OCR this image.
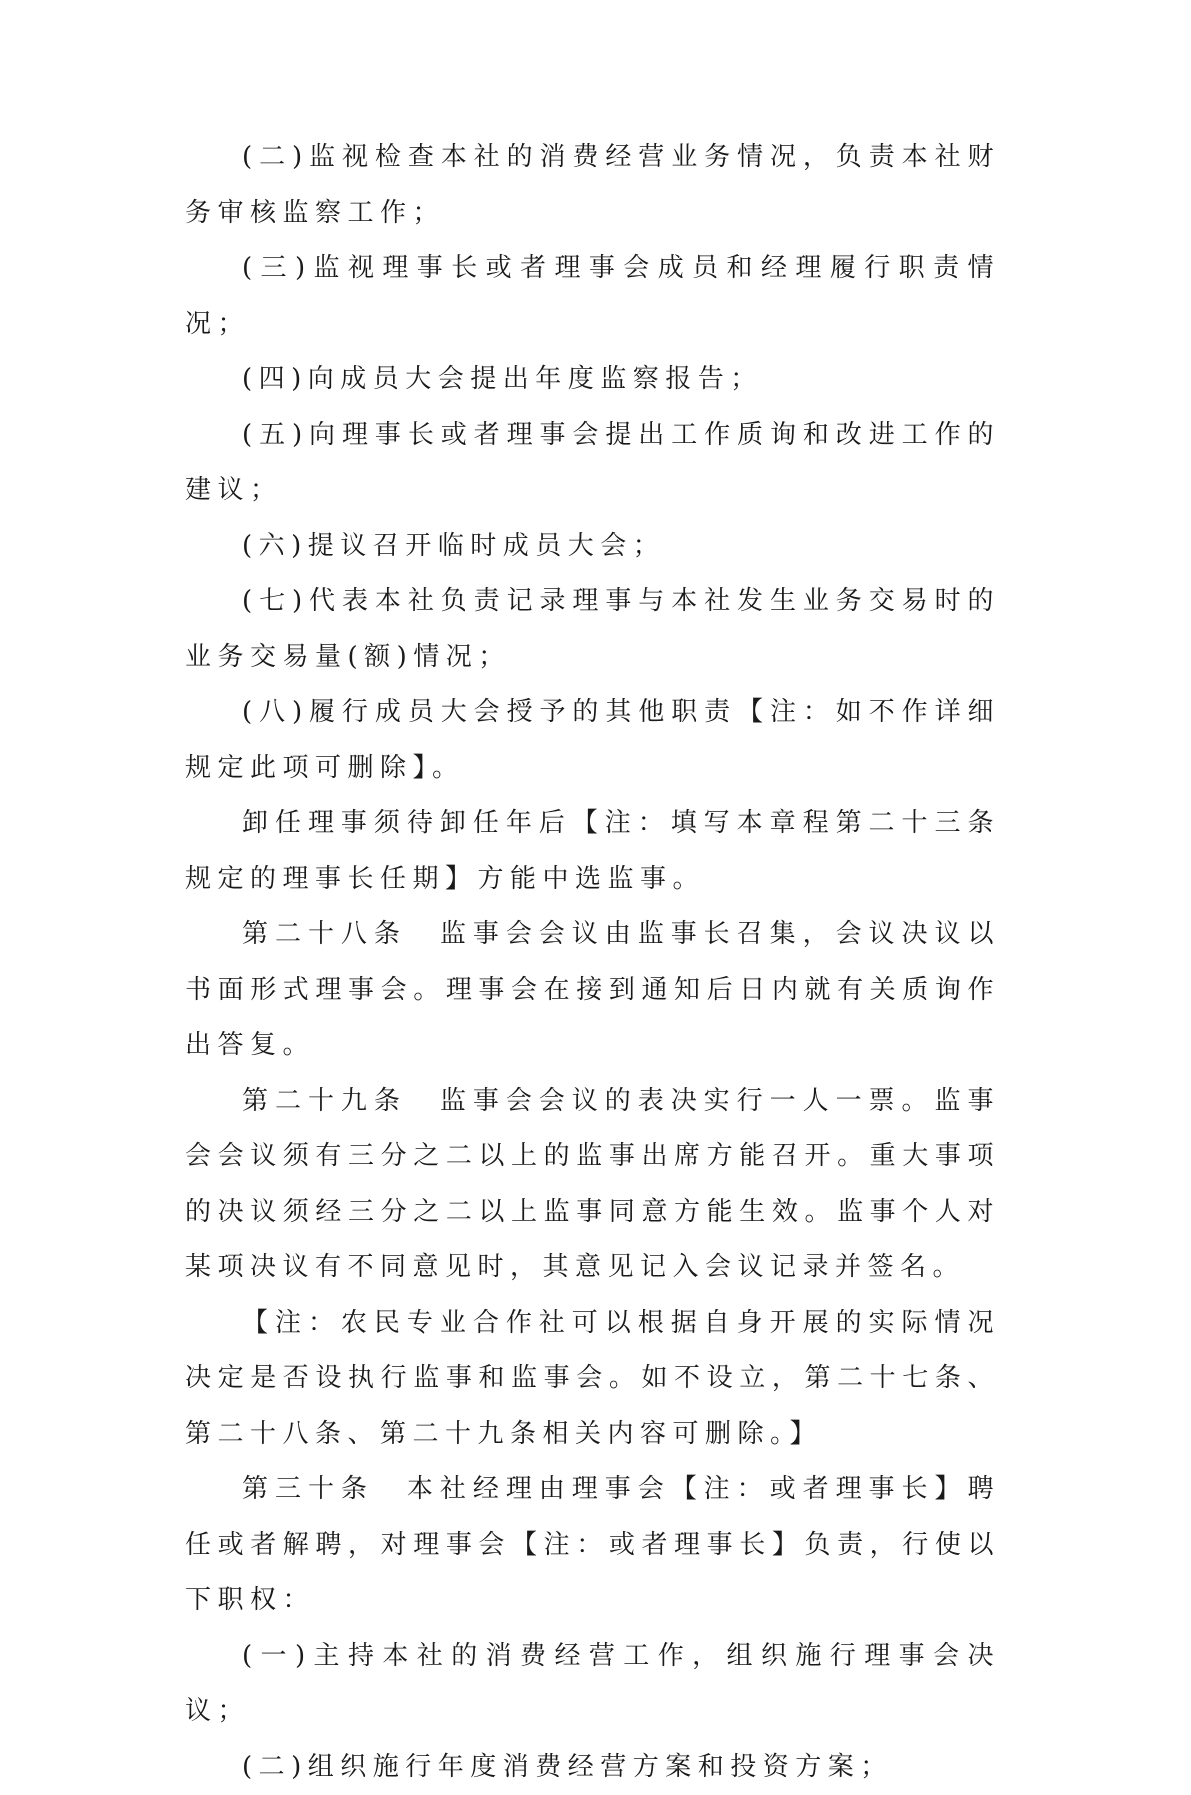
(二)监视检查本社的消费经营业务情况，负责本社财务审核监察工作；

(三)监视理事长或者理事会成员和经理履行职责情况；

(四)向成员大会提出年度监察报告；

(五)向理事长或者理事会提出工作质询和改进工作的建议；

(六)提议召开临时成员大会；

(七)代表本社负责记录理事与本社发生业务交易时的业务交易量(额)情况；

(八)履行成员大会授予的其他职责【注：如不作详细规定此项可删除】。

卸任理事须待卸任年后【注：填写本章程第二十三条规定的理事长任期】方能中选监事。

第二十八条　监事会会议由监事长召集，会议决议以书面形式理事会。理事会在接到通知后日内就有关质询作出答复。

第二十九条　监事会会议的表决实行一人一票。监事会会议须有三分之二以上的监事出席方能召开。重大事项的决议须经三分之二以上监事同意方能生效。监事个人对某项决议有不同意见时，其意见记入会议记录并签名。

【注：农民专业合作社可以根据自身开展的实际情况决定是否设执行监事和监事会。如不设立，第二十七条、第二十八条、第二十九条相关内容可删除。】

第三十条　本社经理由理事会【注：或者理事长】聘任或者解聘，对理事会【注：或者理事长】负责，行使以下职权：

(一)主持本社的消费经营工作，组织施行理事会决议；

(二)组织施行年度消费经营方案和投资方案；
